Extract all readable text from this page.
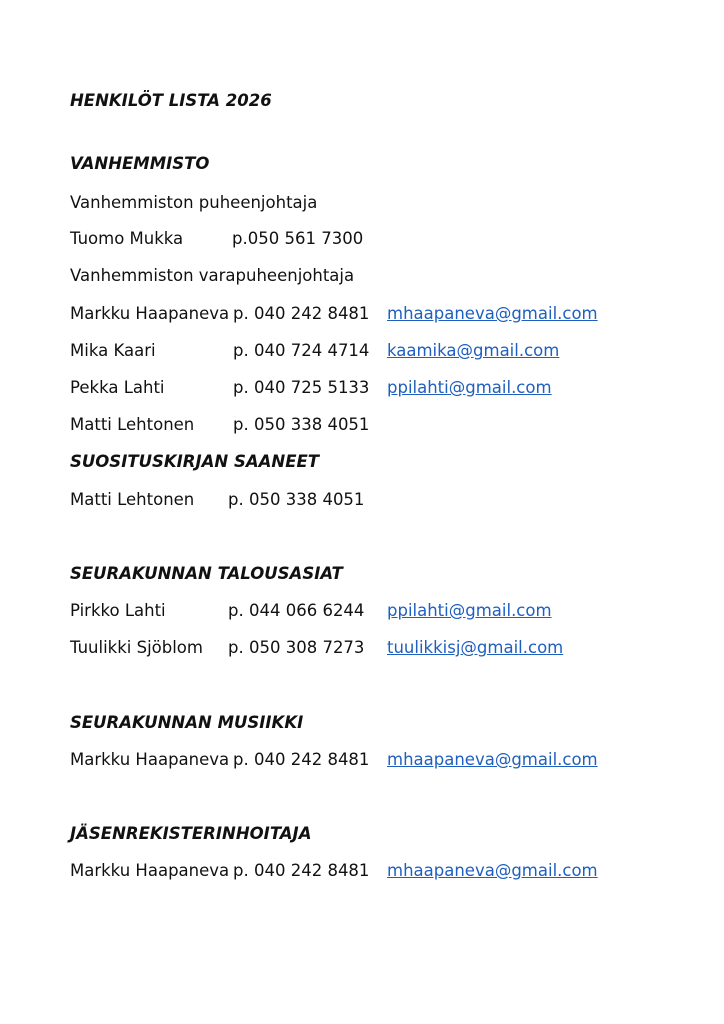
HENKILÖT LISTA 2026
VANHEMMISTO
Vanhemmiston puheenjohtaja
Tuomo Mukka	p.050 561 7300
Vanhemmiston varapuheenjohtaja
Markku Haapaneva p. 040 242 8481 mhaapaneva@gmail.com
Mika Kaari	p. 040 724 4714 kaamika@gmail.com
Pekka Lahti	p. 040 725 5133 ppilahti@gmail.com
Matti Lehtonen p. 050 338 4051
SUOSITUSKIRJAN SAANEET
Matti Lehtonen p. 050 338 4051
SEURAKUNNAN TALOUSASIAT
Pirkko Lahti	p. 044 066 6244 ppilahti@gmail.com
Tuulikki Sjöblom p. 050 308 7273 tuulikkisj@gmail.com
SEURAKUNNAN MUSIIKKI
Markku Haapaneva p. 040 242 8481 mhaapaneva@gmail.com
JÄSENREKISTERINHOITAJA
Markku Haapaneva p. 040 242 8481 mhaapaneva@gmail.com
